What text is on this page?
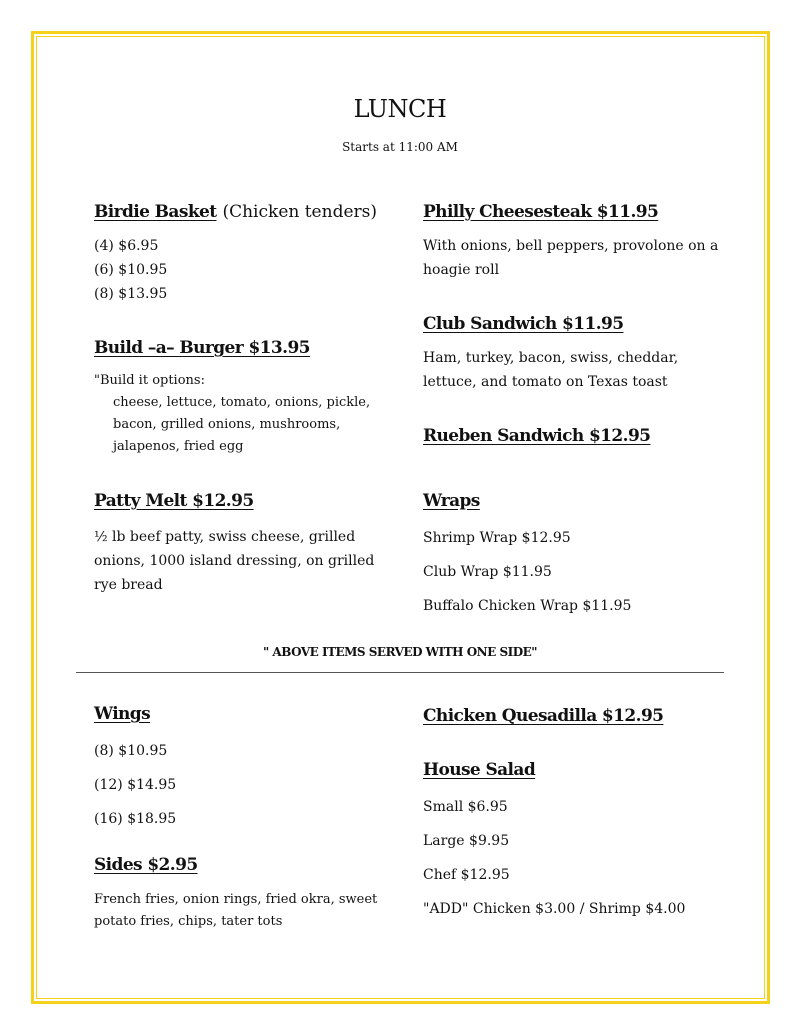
LUNCH
Starts at 11:00 AM
Birdie Basket (Chicken tenders)
(4) $6.95
(6) $10.95
(8) $13.95
Build –a– Burger $13.95
"Build it options:
cheese, lettuce, tomato, onions, pickle,
bacon, grilled onions, mushrooms,
jalapenos, fried egg
Patty Melt $12.95
½ lb beef patty, swiss cheese, grilled
onions, 1000 island dressing, on grilled
rye bread
Philly Cheesesteak $11.95
With onions, bell peppers, provolone on a
hoagie roll
Club Sandwich $11.95
Ham, turkey, bacon, swiss, cheddar,
lettuce, and tomato on Texas toast
Rueben Sandwich $12.95
Wraps
Shrimp Wrap $12.95
Club Wrap $11.95
Buffalo Chicken Wrap $11.95
" ABOVE ITEMS SERVED WITH ONE SIDE"
Wings
(8) $10.95
(12) $14.95
(16) $18.95
Sides $2.95
French fries, onion rings, fried okra, sweet
potato fries, chips, tater tots
Chicken Quesadilla $12.95
House Salad
Small $6.95
Large $9.95
Chef $12.95
"ADD" Chicken $3.00 / Shrimp $4.00
